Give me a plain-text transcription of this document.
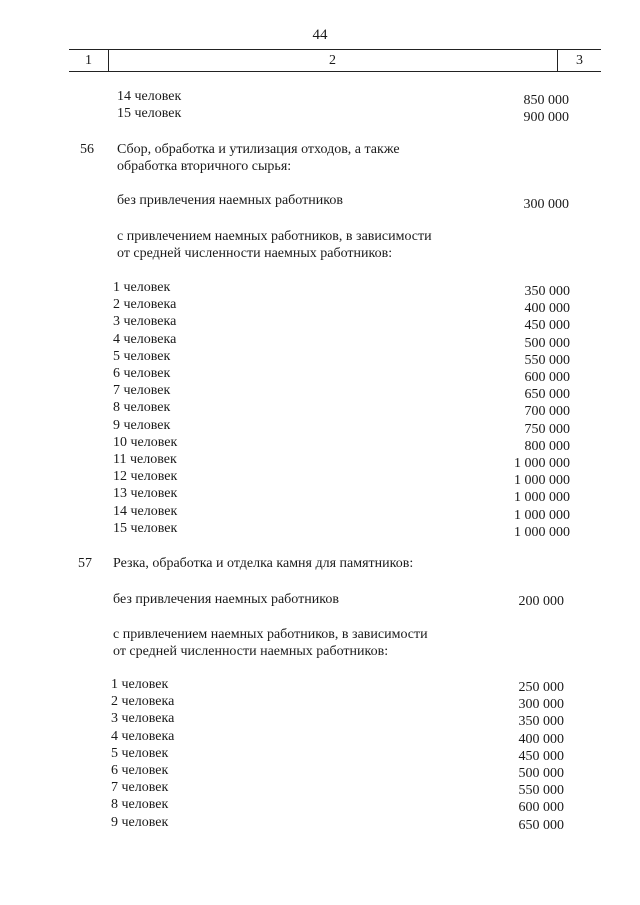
44
1	2	3
14 человек	850 000
15 человек	900 000
56 Сбор, обработка и утилизация отходов, а также
обработка вторичного сырья:
без привлечения наемных работников	300 000
с привлечением наемных работников, в зависимости
от средней численности наемных работников:
1 человек	350 000
2 человека	400 000
3 человека	450 000
4 человека	500 000
5 человек	550 000
6 человек	600 000
7 человек	650 000
8 человек	700 000
9 человек	750 000
10 человек	800 000
11 человек	1 000 000
12 человек	1 000 000
13 человек	1 000 000
14 человек	1 000 000
15 человек	1 000 000
57 Резка, обработка и отделка камня для памятников:
без привлечения наемных работников	200 000
с привлечением наемных работников, в зависимости
от средней численности наемных работников:
1 человек	250 000
2 человека	300 000
3 человека	350 000
4 человека	400 000
5 человек	450 000
6 человек	500 000
7 человек	550 000
8 человек	600 000
9 человек	650 000
